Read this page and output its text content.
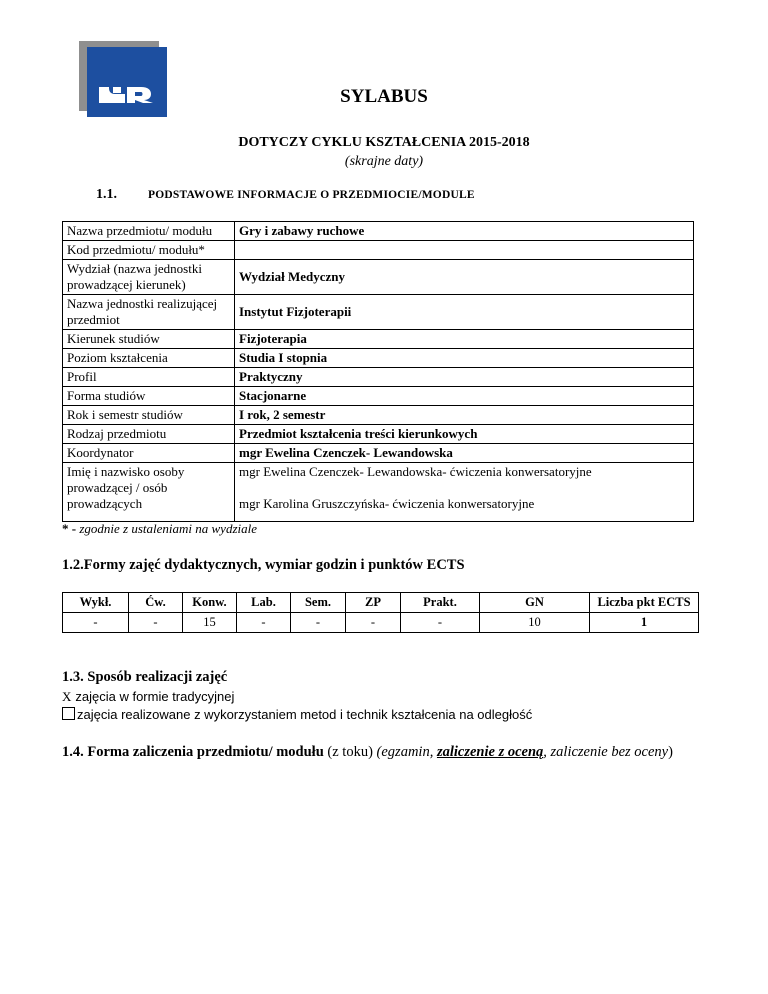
SYLABUS
DOTYCZY CYKLU KSZTAŁCENIA 2015-2018
(skrajne daty)
1.1.	PODSTAWOWE INFORMACJE O PRZEDMIOCIE/MODULE
Nazwa przedmiotu/ modułu	Gry i zabawy ruchowe
Kod przedmiotu/ modułu*	
Wydział (nazwa jednostki prowadzącej kierunek)	Wydział Medyczny
Nazwa jednostki realizującej przedmiot	Instytut Fizjoterapii
Kierunek studiów	Fizjoterapia
Poziom kształcenia	Studia I stopnia
Profil	Praktyczny
Forma studiów	Stacjonarne
Rok i semestr studiów	I rok, 2 semestr
Rodzaj przedmiotu	Przedmiot kształcenia treści kierunkowych
Koordynator	mgr Ewelina Czenczek- Lewandowska
Imię i nazwisko osoby prowadzącej / osób prowadzących	mgr Ewelina Czenczek- Lewandowska- ćwiczenia konwersatoryjne
mgr Karolina Gruszczyńska- ćwiczenia konwersatoryjne
* - zgodnie z ustaleniami na wydziale
1.2.Formy zajęć dydaktycznych, wymiar godzin i punktów ECTS
Wykł.	Ćw.	Konw.	Lab.	Sem.	ZP	Prakt.	GN	Liczba pkt ECTS
-	-	15	-	-	-	-	10	1
1.3. Sposób realizacji zajęć
X zajęcia w formie tradycyjnej
zajęcia realizowane z wykorzystaniem metod i technik kształcenia na odległość
1.4. Forma zaliczenia przedmiotu/ modułu (z toku) (egzamin, zaliczenie z oceną, zaliczenie bez oceny)
